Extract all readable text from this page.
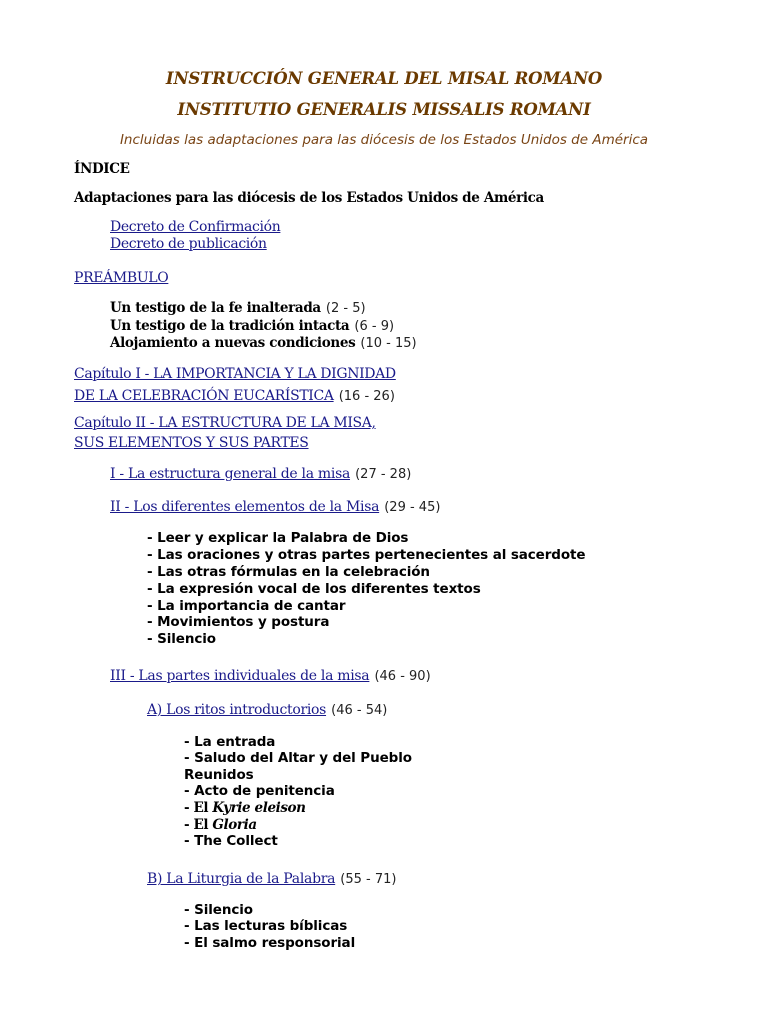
INSTRUCCIÓN GENERAL DEL MISAL ROMANO
INSTITUTIO GENERALIS MISSALIS ROMANI
Incluidas las adaptaciones para las diócesis de los Estados Unidos de América
ÍNDICE
Adaptaciones para las diócesis de los Estados Unidos de América
Decreto de Confirmación
Decreto de publicación
PREÁMBULO
Un testigo de la fe inalterada (2 - 5)
Un testigo de la tradición intacta (6 - 9)
Alojamiento a nuevas condiciones (10 - 15)
Capítulo I - LA IMPORTANCIA Y LA DIGNIDAD
DE LA CELEBRACIÓN EUCARÍSTICA (16 - 26)
Capítulo II - LA ESTRUCTURA DE LA MISA,
SUS ELEMENTOS Y SUS PARTES
I - La estructura general de la misa (27 - 28)
II - Los diferentes elementos de la Misa (29 - 45)
- Leer y explicar la Palabra de Dios
- Las oraciones y otras partes pertenecientes al sacerdote
- Las otras fórmulas en la celebración
- La expresión vocal de los diferentes textos
- La importancia de cantar
- Movimientos y postura
- Silencio
III - Las partes individuales de la misa (46 - 90)
A) Los ritos introductorios (46 - 54)
- La entrada
- Saludo del Altar y del Pueblo
Reunidos
- Acto de penitencia
- El Kyrie eleison
- El Gloria
- The Collect
B) La Liturgia de la Palabra (55 - 71)
- Silencio
- Las lecturas bíblicas
- El salmo responsorial
